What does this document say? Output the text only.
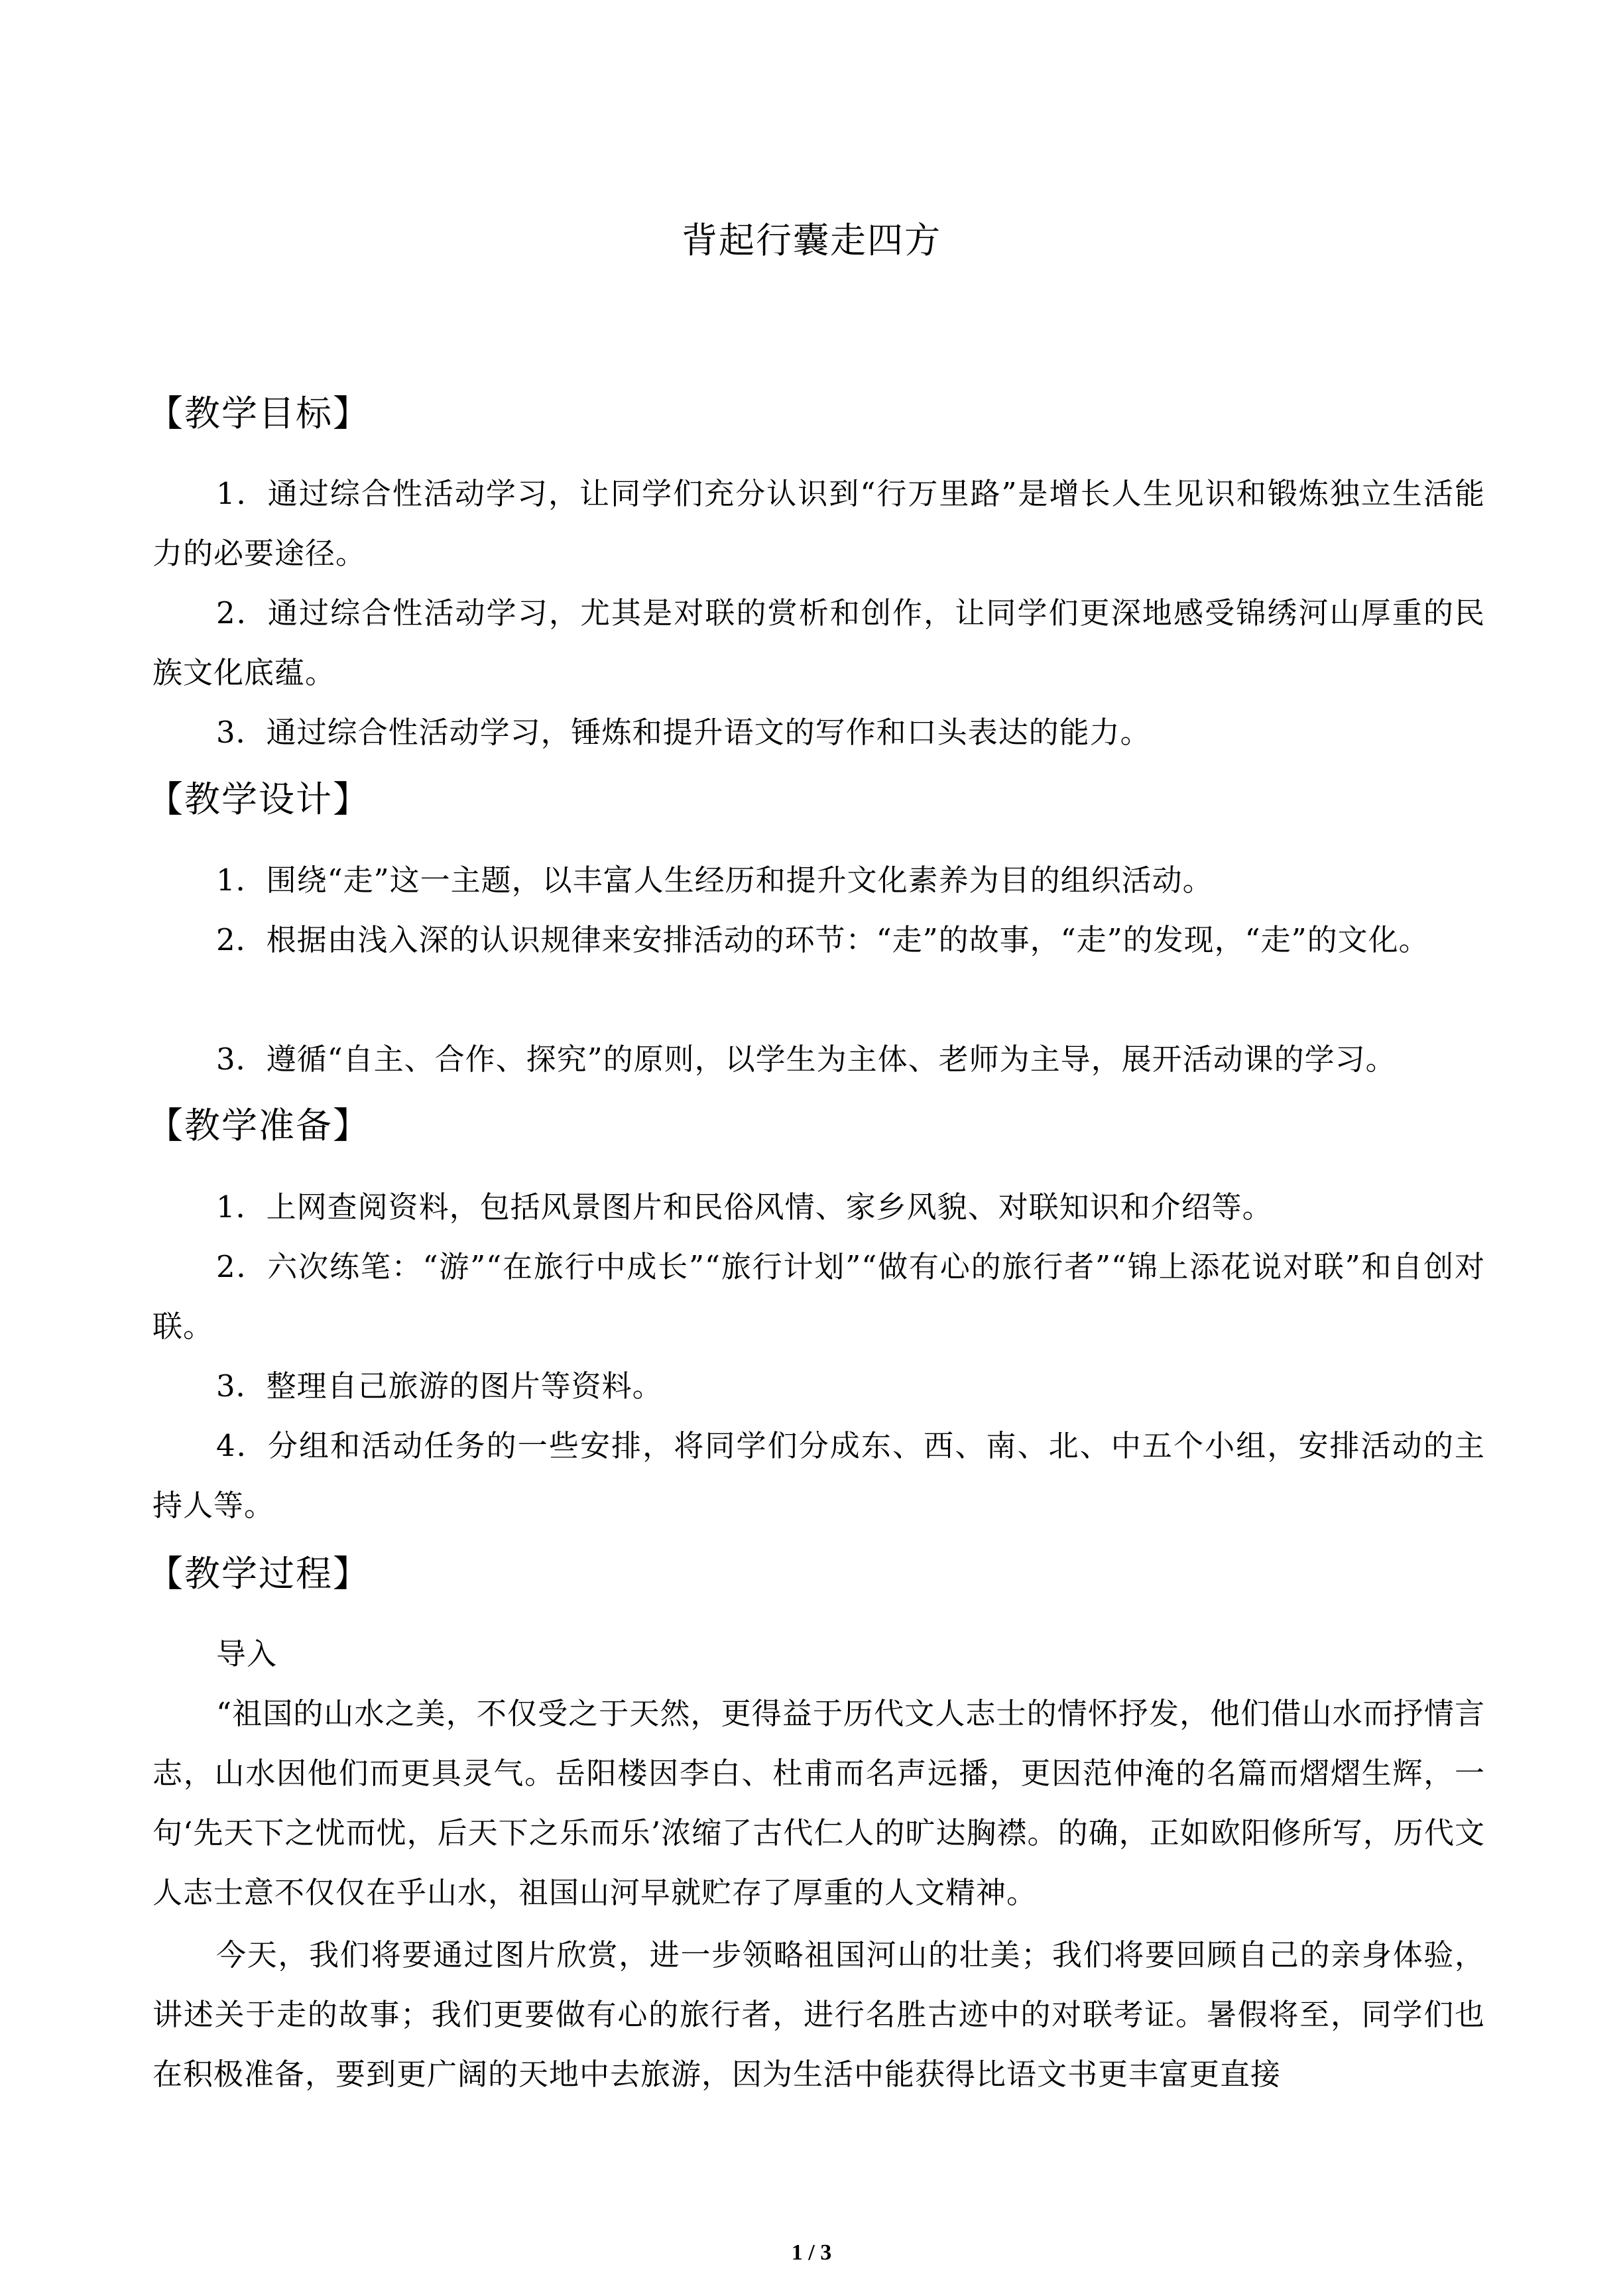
背起行囊走四方
【教学目标】
1．通过综合性活动学习，让同学们充分认识到“行万里路”是增长人生见识和锻炼独立生活能力的必要途径。
2．通过综合性活动学习，尤其是对联的赏析和创作，让同学们更深地感受锦绣河山厚重的民族文化底蕴。
3．通过综合性活动学习，锤炼和提升语文的写作和口头表达的能力。
【教学设计】
1．围绕“走”这一主题，以丰富人生经历和提升文化素养为目的组织活动。
2．根据由浅入深的认识规律来安排活动的环节：“走”的故事，“走”的发现，“走”的文化。
3．遵循“自主、合作、探究”的原则，以学生为主体、老师为主导，展开活动课的学习。
【教学准备】
1．上网查阅资料，包括风景图片和民俗风情、家乡风貌、对联知识和介绍等。
2．六次练笔：“游”“在旅行中成长”“旅行计划”“做有心的旅行者”“锦上添花说对联”和自创对联。
3．整理自己旅游的图片等资料。
4．分组和活动任务的一些安排，将同学们分成东、西、南、北、中五个小组，安排活动的主持人等。
【教学过程】
导入
“祖国的山水之美，不仅受之于天然，更得益于历代文人志士的情怀抒发，他们借山水而抒情言志，山水因他们而更具灵气。岳阳楼因李白、杜甫而名声远播，更因范仲淹的名篇而熠熠生辉，一句‘先天下之忧而忧，后天下之乐而乐’浓缩了古代仁人的旷达胸襟。的确，正如欧阳修所写，历代文人志士意不仅仅在乎山水，祖国山河早就贮存了厚重的人文精神。
今天，我们将要通过图片欣赏，进一步领略祖国河山的壮美；我们将要回顾自己的亲身体验，讲述关于走的故事；我们更要做有心的旅行者，进行名胜古迹中的对联考证。暑假将至，同学们也在积极准备，要到更广阔的天地中去旅游，因为生活中能获得比语文书更丰富更直接
1 / 3
